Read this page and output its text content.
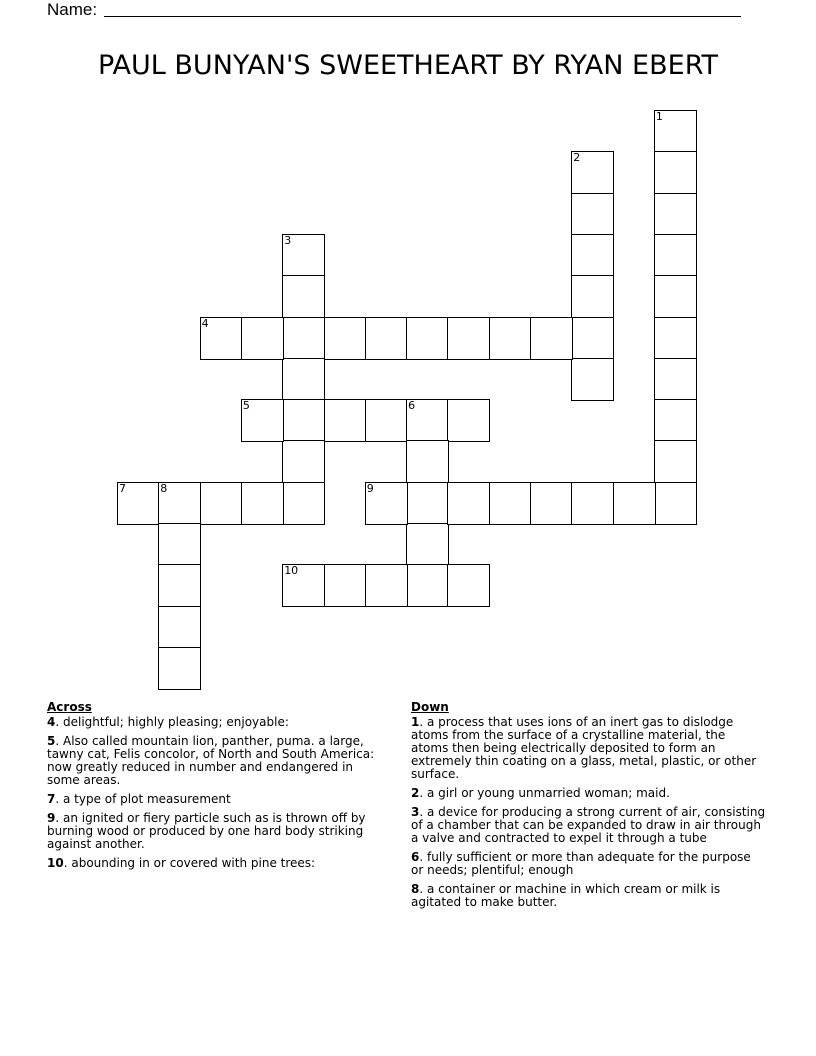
Name:
PAUL BUNYAN'S SWEETHEART BY RYAN EBERT
1
2
3
4
5	6
7	8	9
10
Across
4. delightful; highly pleasing; enjoyable:
5. Also called mountain lion, panther, puma. a large, tawny cat, Felis concolor, of North and South America: now greatly reduced in number and endangered in some areas.
7. a type of plot measurement
9. an ignited or fiery particle such as is thrown off by burning wood or produced by one hard body striking against another.
10. abounding in or covered with pine trees:
Down
1. a process that uses ions of an inert gas to dislodge atoms from the surface of a crystalline material, the atoms then being electrically deposited to form an extremely thin coating on a glass, metal, plastic, or other surface.
2. a girl or young unmarried woman; maid.
3. a device for producing a strong current of air, consisting of a chamber that can be expanded to draw in air through a valve and contracted to expel it through a tube
6. fully sufficient or more than adequate for the purpose or needs; plentiful; enough
8. a container or machine in which cream or milk is agitated to make butter.
